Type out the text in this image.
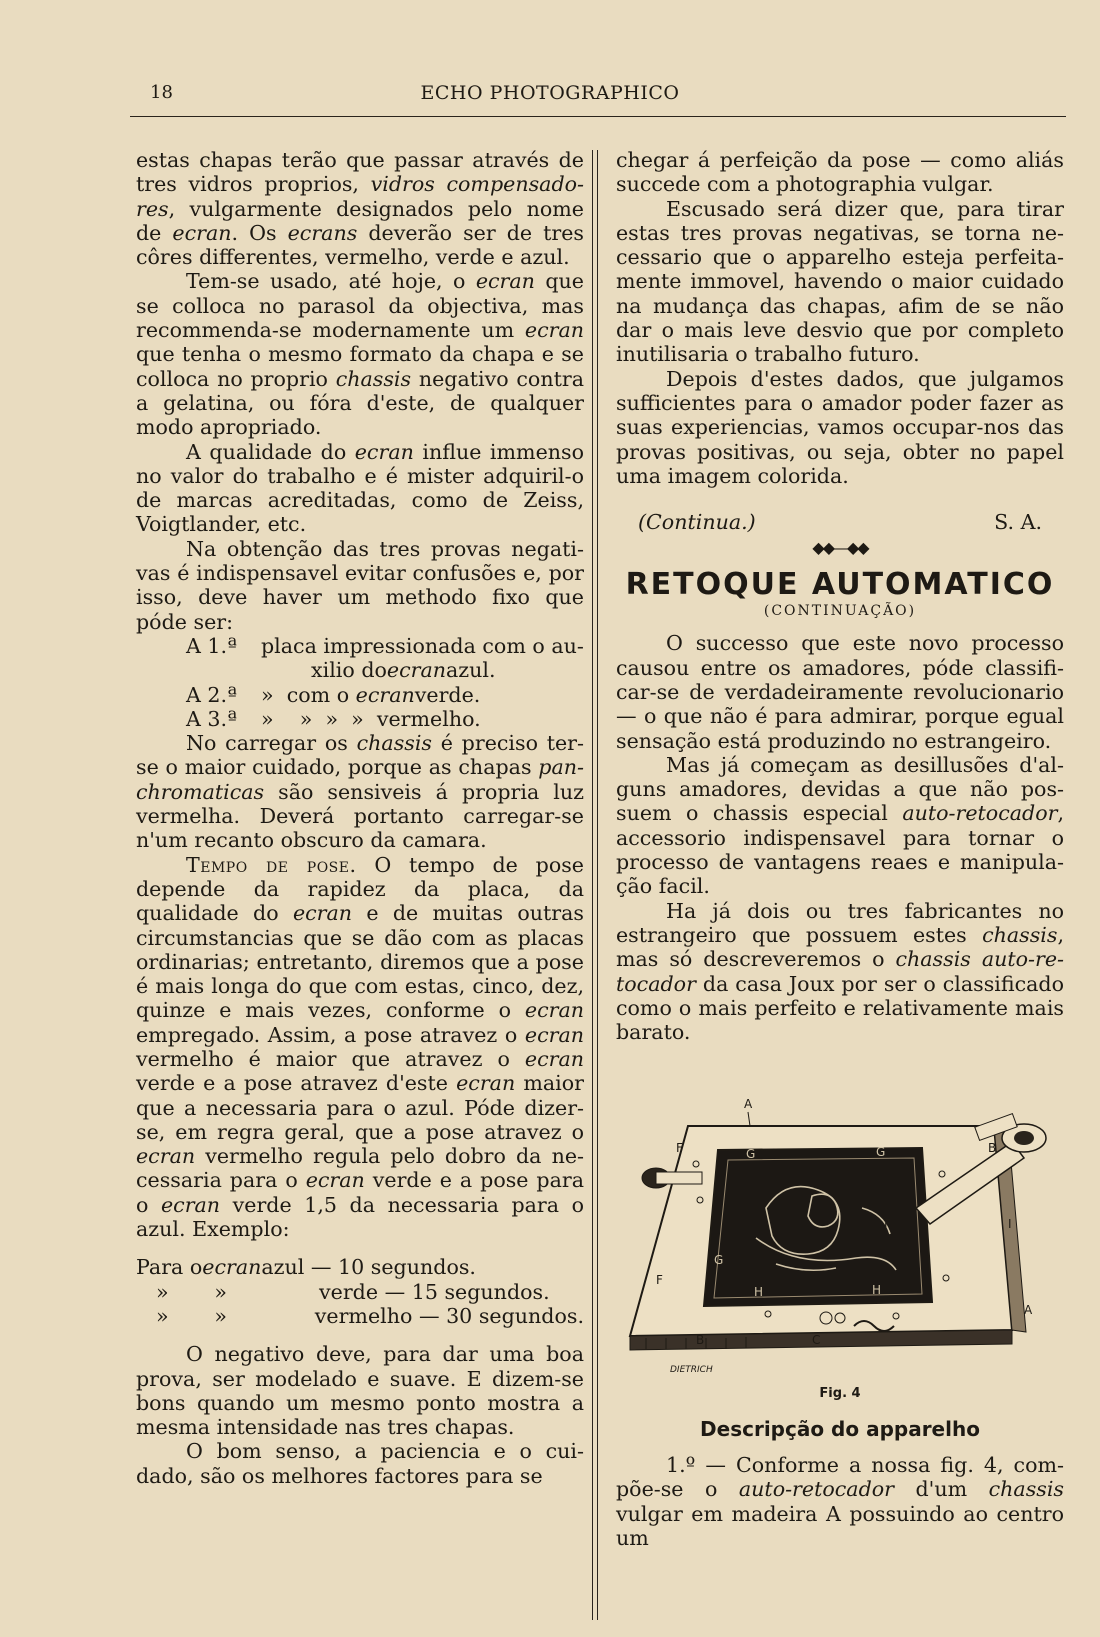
18	ECHO PHOTOGRAPHICO

estas chapas terão que passar através de tres vidros proprios, vidros compensadores, vulgarmente designados pelo nome de ecran. Os ecrans deverão ser de tres côres differentes, vermelho, verde e azul.

Tem-se usado, até hoje, o ecran que se colloca no parasol da objectiva, mas recommenda-se modernamente um ecran que tenha o mesmo formato da chapa e se colloca no proprio chassis negativo contra a gelatina, ou fóra d'este, de qualquer modo apropriado.

A qualidade do ecran influe immenso no valor do trabalho e é mister adquiril-o de marcas acreditadas, como de Zeiss, Voigtlander, etc.

Na obtenção das tres provas negativas é indispensavel evitar confusões e, por isso, deve haver um methodo fixo que póde ser:

A 1.ª	placa impressionada com o au-
xilio do ecran azul.
A 2.ª	»  com o ecran verde.
A 3.ª	»    »  »  »  vermelho.

No carregar os chassis é preciso ter-se o maior cuidado, porque as chapas panchromaticas são sensiveis á propria luz vermelha. Deverá portanto carregar-se n'um recanto obscuro da camara.

Tempo de pose. O tempo de pose depende da rapidez da placa, da qualidade do ecran e de muitas outras circumstancias que se dão com as placas ordinarias; entretanto, diremos que a pose é mais longa do que com estas, cinco, dez, quinze e mais vezes, conforme o ecran empregado. Assim, a pose atravez o ecran vermelho é maior que atravez o ecran verde e a pose atravez d'este ecran maior que a necessaria para o azul. Póde dizer-se, em regra geral, que a pose atravez o ecran vermelho regula pelo dobro da necessaria para o ecran verde e a pose para o ecran verde 1,5 da necessaria para o azul. Exemplo:

Para o ecran azul — 10 segundos.
»       »	verde — 15 segundos.
»       »	vermelho — 30 segundos.

O negativo deve, para dar uma boa prova, ser modelado e suave. E dizem-se bons quando um mesmo ponto mostra a mesma intensidade nas tres chapas.

O bom senso, a paciencia e o cuidado, são os melhores factores para se

chegar á perfeição da pose — como aliás succede com a photographia vulgar.

Escusado será dizer que, para tirar estas tres provas negativas, se torna necessario que o apparelho esteja perfeitamente immovel, havendo o maior cuidado na mudança das chapas, afim de se não dar o mais leve desvio que por completo inutilisaria o trabalho futuro.

Depois d'estes dados, que julgamos sufficientes para o amador poder fazer as suas experiencias, vamos occupar-nos das provas positivas, ou seja, obter no papel uma imagem colorida.

(Continua.)	S. A.

◆◆—◆◆
RETOQUE AUTOMATICO
(CONTINUAÇÃO)

O successo que este novo processo causou entre os amadores, póde classificar-se de verdadeiramente revolucionario — o que não é para admirar, porque egual sensação está produzindo no estrangeiro.

Mas já começam as desillusões d'alguns amadores, devidas a que não possuem o chassis especial auto-retocador, accessorio indispensavel para tornar o processo de vantagens reaes e manipulação facil.

Ha já dois ou tres fabricantes no estrangeiro que possuem estes chassis, mas só descreveremos o chassis auto-retocador da casa Joux por ser o classificado como o mais perfeito e relativamente mais barato.

A
F	G	G	B
F	I
G
H	H
F
B	C
A
DIETRICH
Fig. 4
Descripção do apparelho

1.º — Conforme a nossa fig. 4, compõe-se o auto-retocador d'um chassis vulgar em madeira A possuindo ao centro um
